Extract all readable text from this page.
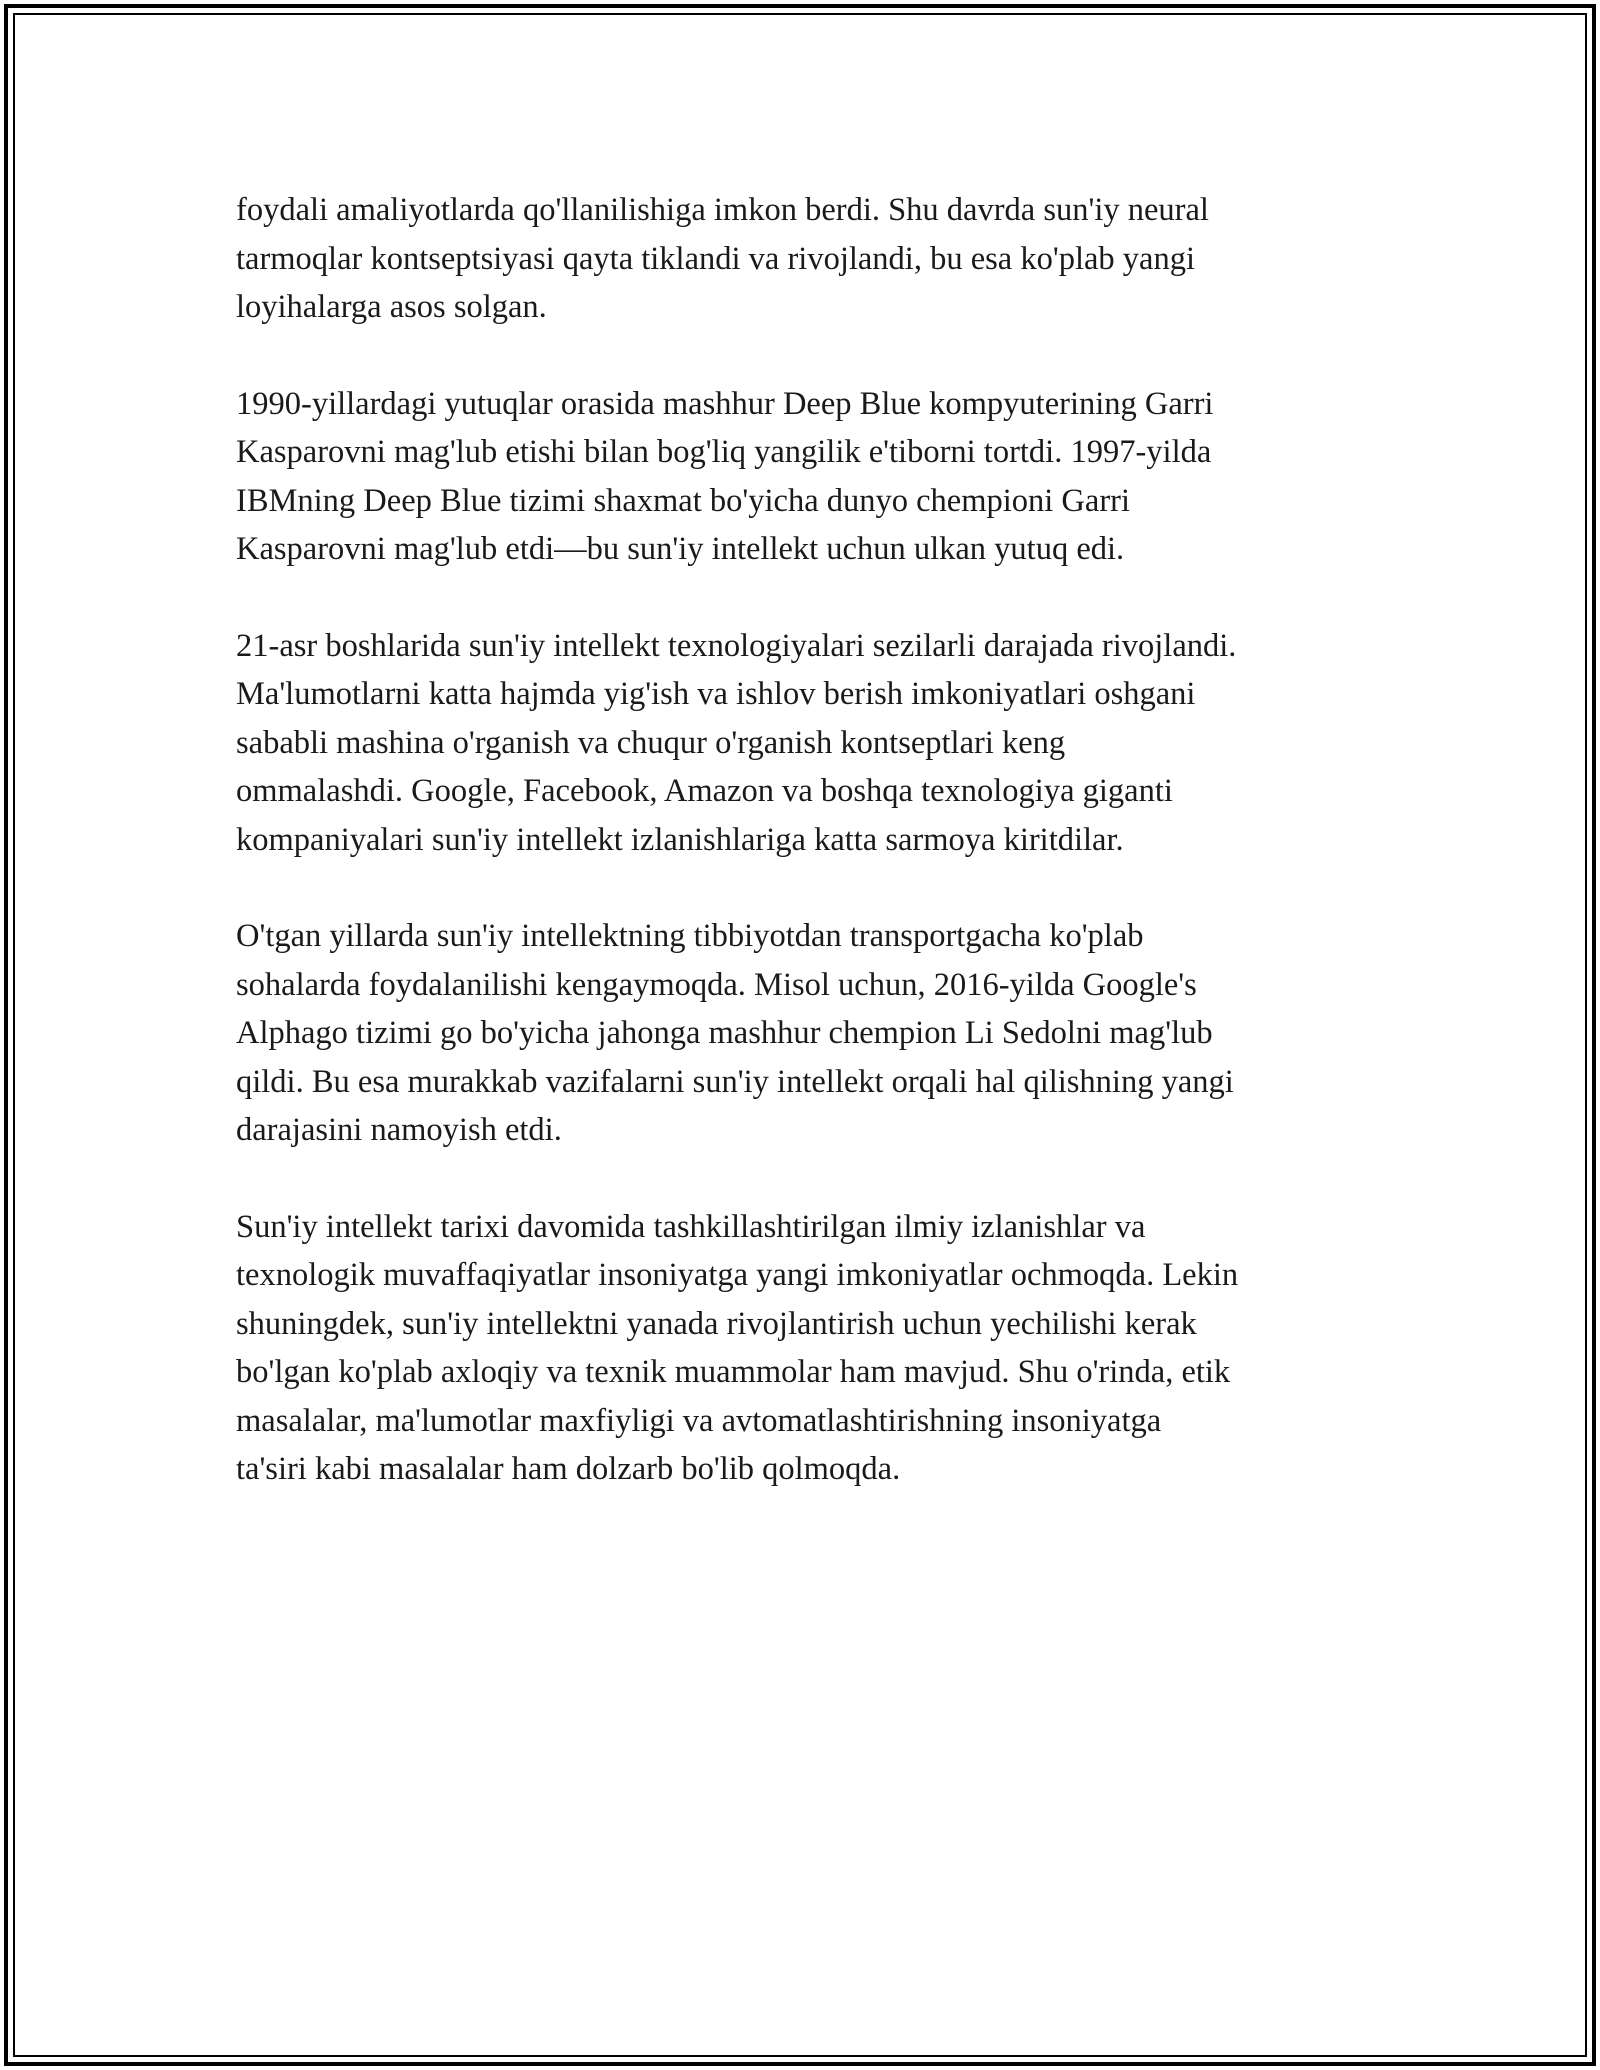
foydali amaliyotlarda qo'llanilishiga imkon berdi. Shu davrda sun'iy neural
tarmoqlar kontseptsiyasi qayta tiklandi va rivojlandi, bu esa ko'plab yangi
loyihalarga asos solgan.

1990-yillardagi yutuqlar orasida mashhur Deep Blue kompyuterining Garri
Kasparovni mag'lub etishi bilan bog'liq yangilik e'tiborni tortdi. 1997-yilda
IBMning Deep Blue tizimi shaxmat bo'yicha dunyo chempioni Garri
Kasparovni mag'lub etdi—bu sun'iy intellekt uchun ulkan yutuq edi.

21-asr boshlarida sun'iy intellekt texnologiyalari sezilarli darajada rivojlandi.
Ma'lumotlarni katta hajmda yig'ish va ishlov berish imkoniyatlari oshgani
sababli mashina o'rganish va chuqur o'rganish kontseptlari keng
ommalashdi. Google, Facebook, Amazon va boshqa texnologiya giganti
kompaniyalari sun'iy intellekt izlanishlariga katta sarmoya kiritdilar.

O'tgan yillarda sun'iy intellektning tibbiyotdan transportgacha ko'plab
sohalarda foydalanilishi kengaymoqda. Misol uchun, 2016-yilda Google's
Alphago tizimi go bo'yicha jahonga mashhur chempion Li Sedolni mag'lub
qildi. Bu esa murakkab vazifalarni sun'iy intellekt orqali hal qilishning yangi
darajasini namoyish etdi.

Sun'iy intellekt tarixi davomida tashkillashtirilgan ilmiy izlanishlar va
texnologik muvaffaqiyatlar insoniyatga yangi imkoniyatlar ochmoqda. Lekin
shuningdek, sun'iy intellektni yanada rivojlantirish uchun yechilishi kerak
bo'lgan ko'plab axloqiy va texnik muammolar ham mavjud. Shu o'rinda, etik
masalalar, ma'lumotlar maxfiyligi va avtomatlashtirishning insoniyatga
ta'siri kabi masalalar ham dolzarb bo'lib qolmoqda.
